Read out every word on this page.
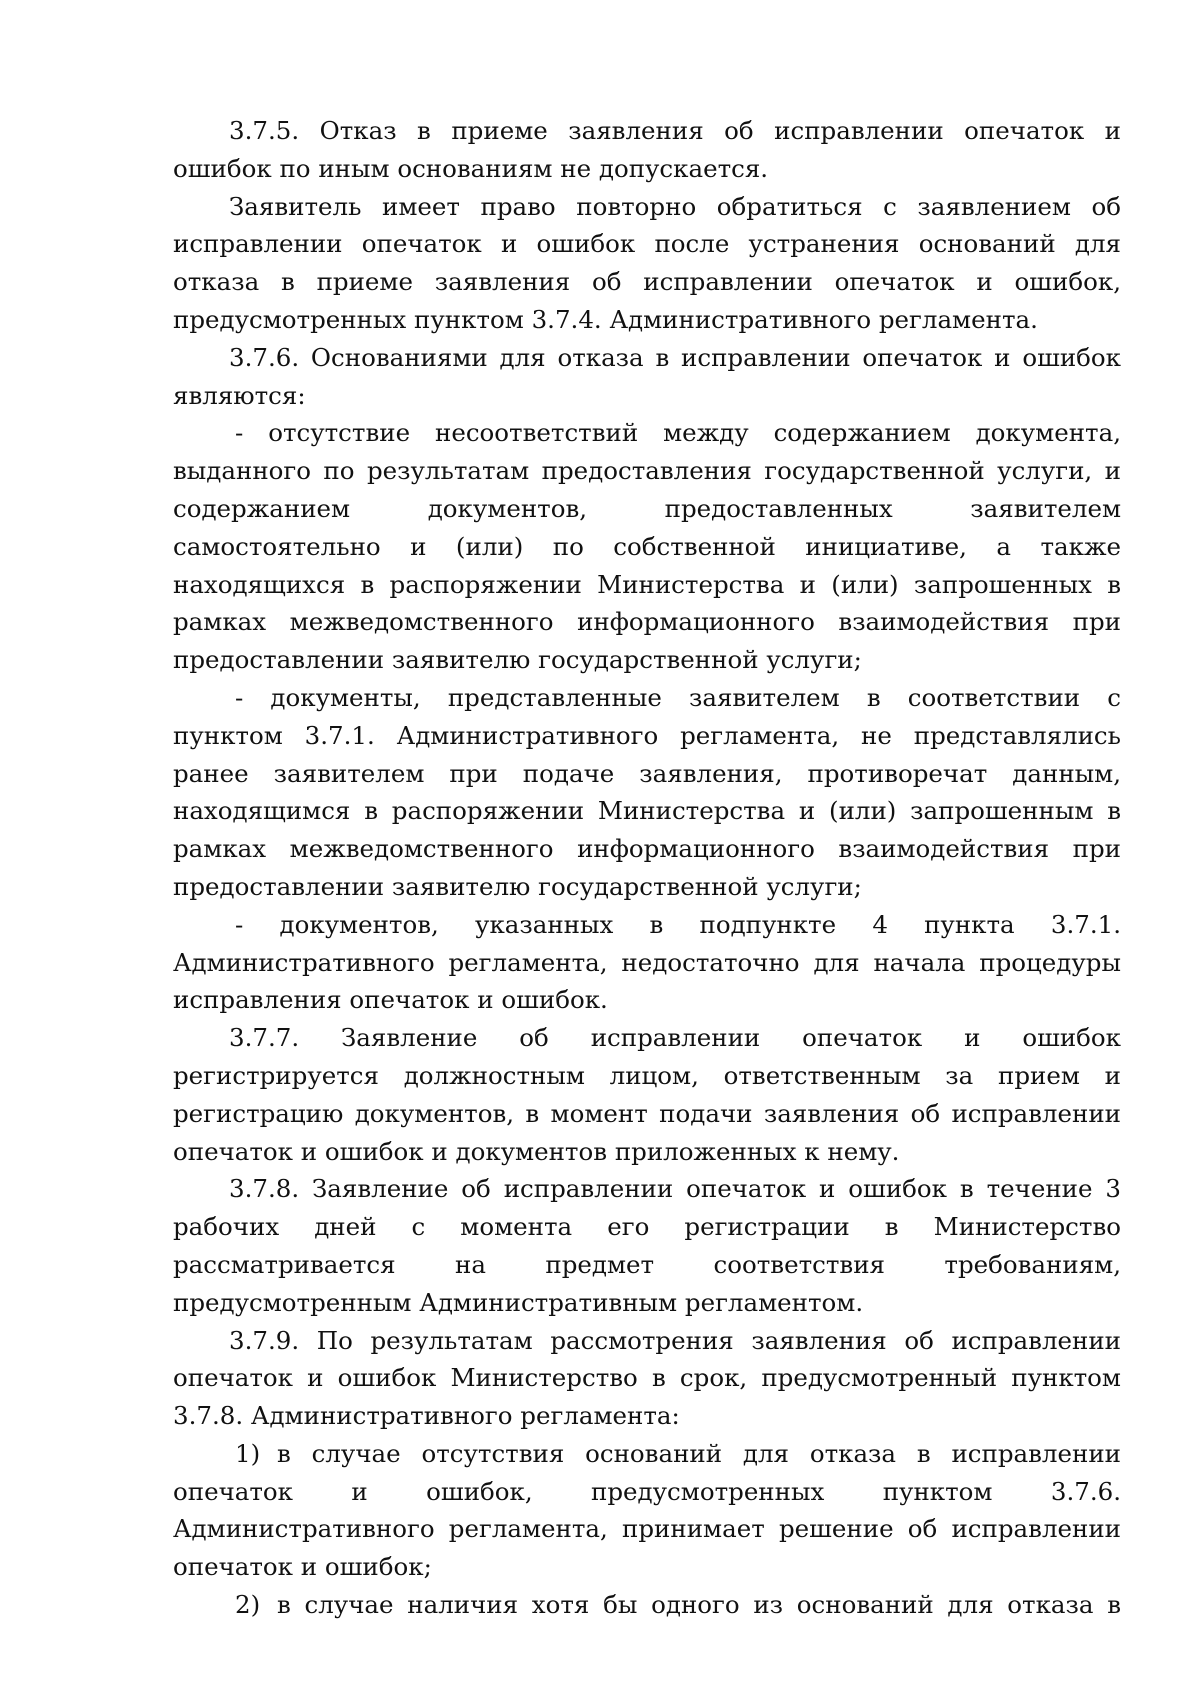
3.7.5. Отказ в приеме заявления об исправлении опечаток и ошибок по иным основаниям не допускается.

Заявитель имеет право повторно обратиться с заявлением об исправлении опечаток и ошибок после устранения оснований для отказа в приеме заявления об исправлении опечаток и ошибок, предусмотренных пунктом 3.7.4. Административного регламента.

3.7.6. Основаниями для отказа в исправлении опечаток и ошибок являются:

- отсутствие несоответствий между содержанием документа, выданного по результатам предоставления государственной услуги, и содержанием документов, предоставленных заявителем самостоятельно и (или) по собственной инициативе, а также находящихся в распоряжении Министерства и (или) запрошенных в рамках межведомственного информационного взаимодействия при предоставлении заявителю государственной услуги;

- документы, представленные заявителем в соответствии с пунктом 3.7.1. Административного регламента, не представлялись ранее заявителем при подаче заявления, противоречат данным, находящимся в распоряжении Министерства и (или) запрошенным в рамках межведомственного информационного взаимодействия при предоставлении заявителю государственной услуги;

- документов, указанных в подпункте 4 пункта 3.7.1. Административного регламента, недостаточно для начала процедуры исправления опечаток и ошибок.

3.7.7. Заявление об исправлении опечаток и ошибок регистрируется должностным лицом, ответственным за прием и регистрацию документов, в момент подачи заявления об исправлении опечаток и ошибок и документов приложенных к нему.

3.7.8. Заявление об исправлении опечаток и ошибок в течение 3 рабочих дней с момента его регистрации в Министерство рассматривается на предмет соответствия требованиям, предусмотренным Административным регламентом.

3.7.9. По результатам рассмотрения заявления об исправлении опечаток и ошибок Министерство в срок, предусмотренный пунктом 3.7.8. Административного регламента:

1) в случае отсутствия оснований для отказа в исправлении опечаток и ошибок, предусмотренных пунктом 3.7.6. Административного регламента, принимает решение об исправлении опечаток и ошибок;

2) в случае наличия хотя бы одного из оснований для отказа в
